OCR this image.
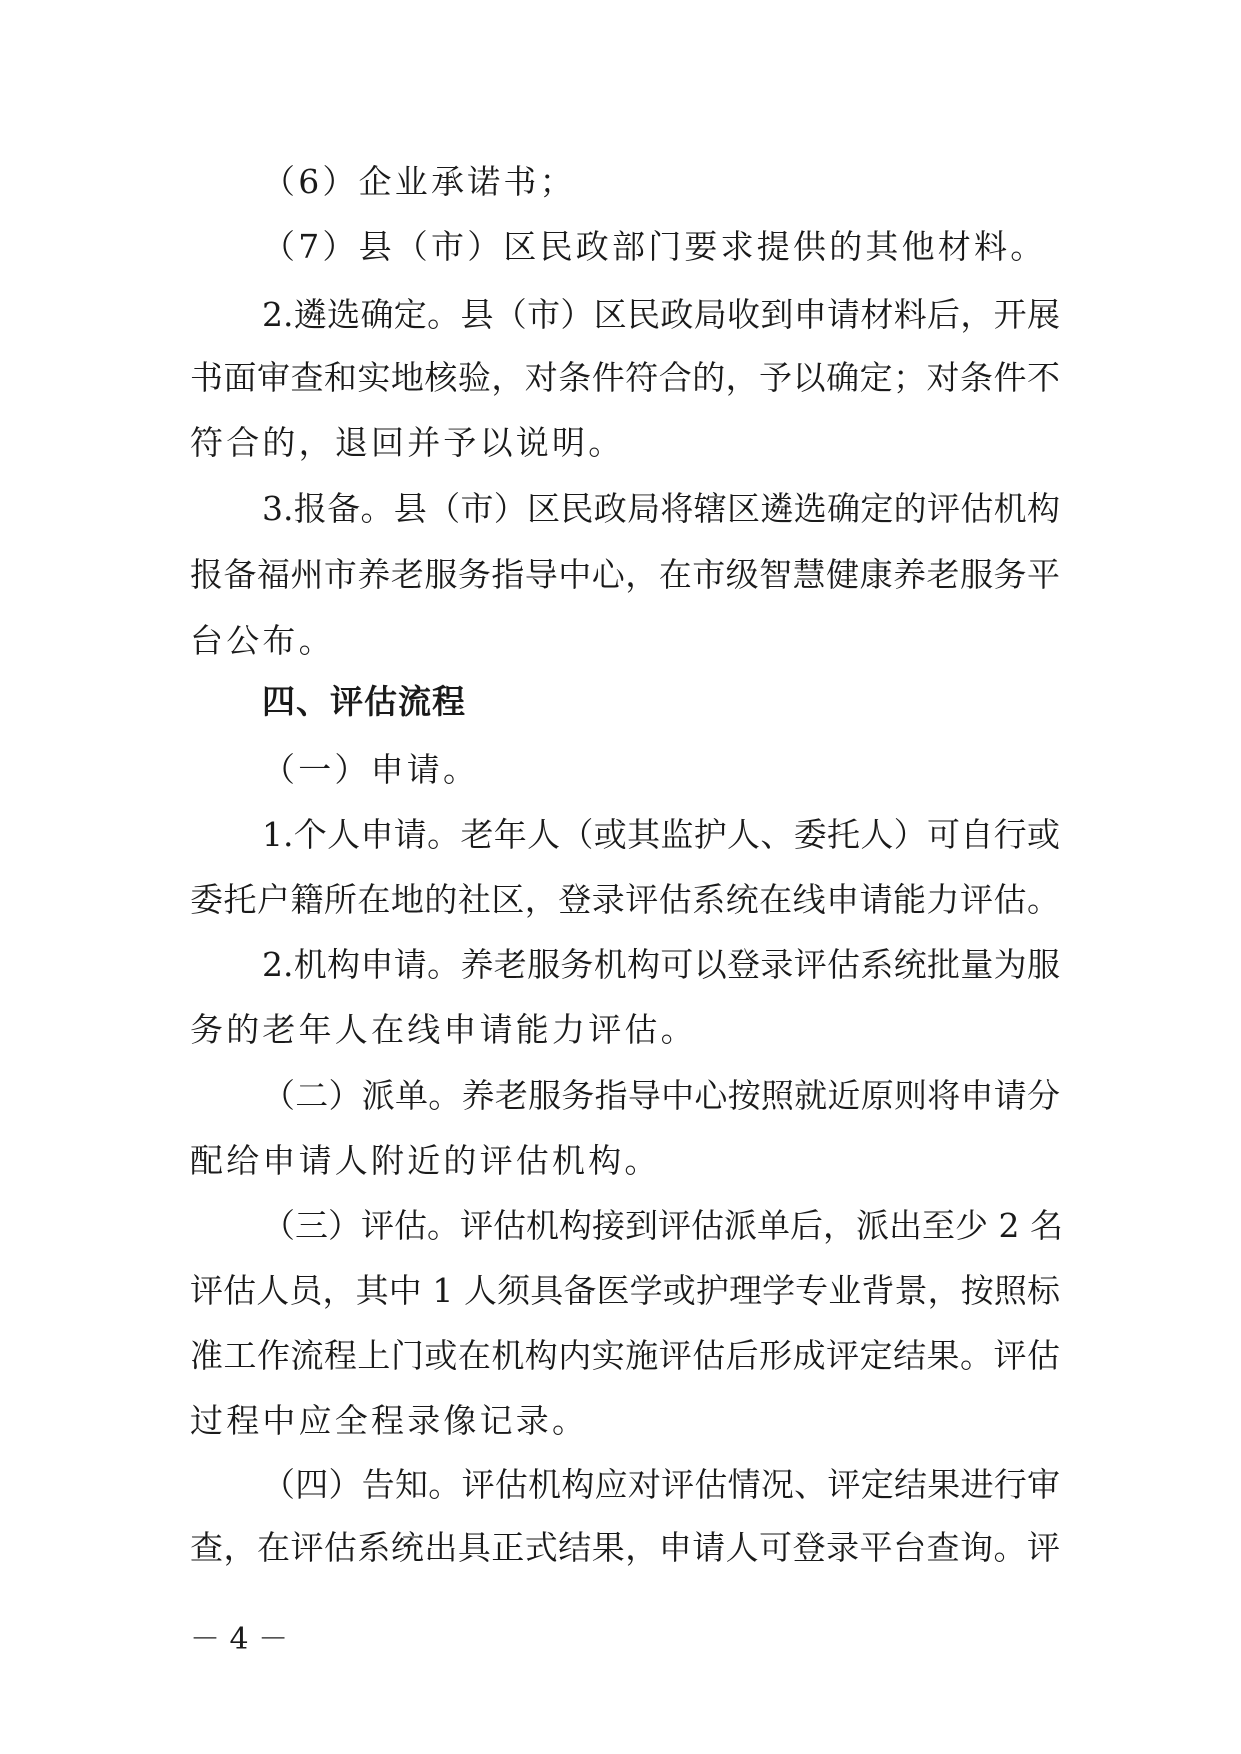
（6）企业承诺书；
（7）县（市）区民政部门要求提供的其他材料。
2.遴选确定。县（市）区民政局收到申请材料后，开展
书面审查和实地核验，对条件符合的，予以确定；对条件不
符合的，退回并予以说明。
3.报备。县（市）区民政局将辖区遴选确定的评估机构
报备福州市养老服务指导中心，在市级智慧健康养老服务平
台公布。
四、评估流程
（一）申请。
1.个人申请。老年人（或其监护人、委托人）可自行或
委托户籍所在地的社区，登录评估系统在线申请能力评估。
2.机构申请。养老服务机构可以登录评估系统批量为服
务的老年人在线申请能力评估。
（二）派单。养老服务指导中心按照就近原则将申请分
配给申请人附近的评估机构。
（三）评估。评估机构接到评估派单后，派出至少 2 名
评估人员，其中 1 人须具备医学或护理学专业背景，按照标
准工作流程上门或在机构内实施评估后形成评定结果。评估
过程中应全程录像记录。
（四）告知。评估机构应对评估情况、评定结果进行审
查，在评估系统出具正式结果，申请人可登录平台查询。评
－ 4 －
